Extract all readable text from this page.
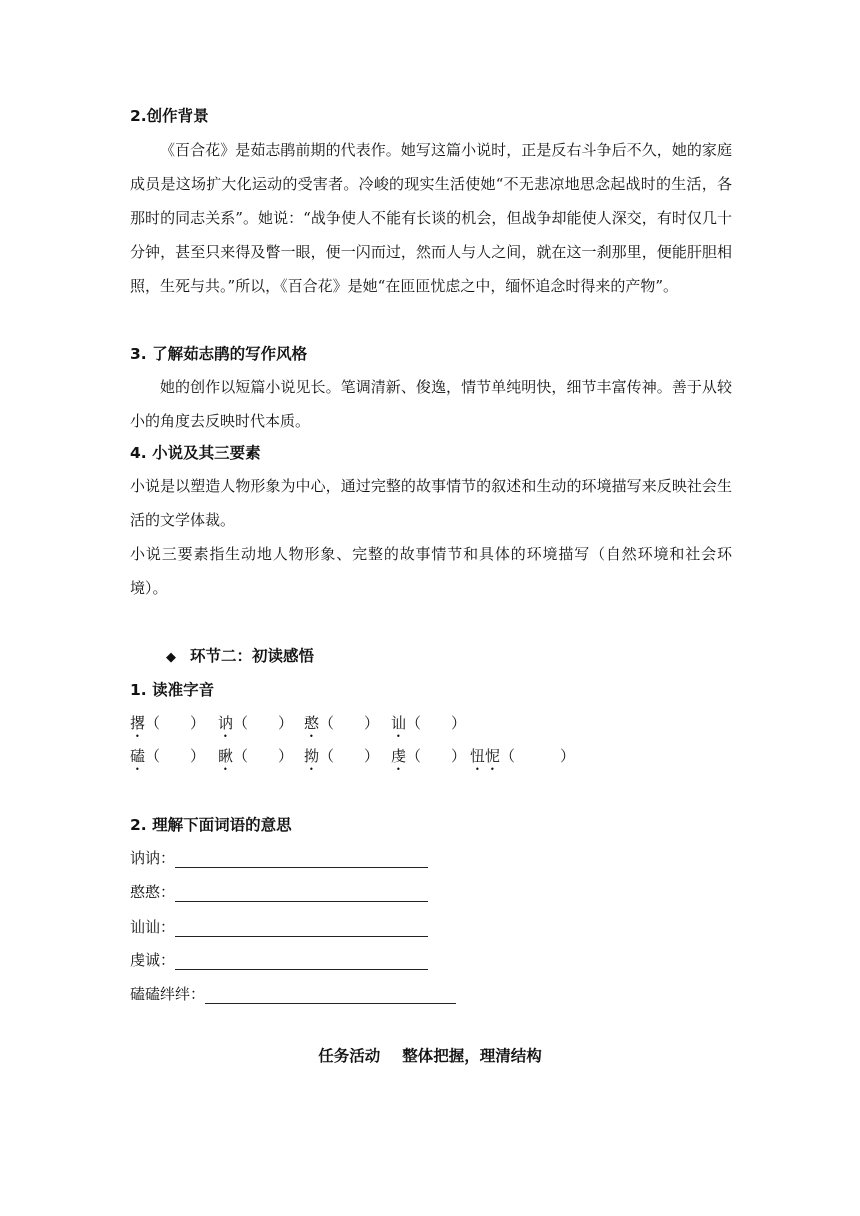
2.创作背景

《百合花》是茹志鹃前期的代表作。她写这篇小说时，正是反右斗争后不久，她的家庭成员是这场扩大化运动的受害者。冷峻的现实生活使她“不无悲凉地思念起战时的生活，各那时的同志关系”。她说：“战争使人不能有长谈的机会，但战争却能使人深交，有时仅几十分钟，甚至只来得及瞥一眼，便一闪而过，然而人与人之间，就在这一刹那里，便能肝胆相照，生死与共。”所以，《百合花》是她“在匝匝忧虑之中，缅怀追念时得来的产物”。

3. 了解茹志鹃的写作风格

她的创作以短篇小说见长。笔调清新、俊逸，情节单纯明快，细节丰富传神。善于从较小的角度去反映时代本质。

4. 小说及其三要素

小说是以塑造人物形象为中心，通过完整的故事情节的叙述和生动的环境描写来反映社会生活的文学体裁。

小说三要素指生动地人物形象、完整的故事情节和具体的环境描写（自然环境和社会环境）。

◆ 环节二：初读感悟
1. 读准字音
撂（　　） 讷（　　） 憨（　　） 讪（　　）
磕（　　） 瞅（　　） 拗（　　） 虔（　　） 忸怩（　　　）
2. 理解下面词语的意思
讷讷：
憨憨：
讪讪：
虔诚：
磕磕绊绊：
任务活动 整体把握，理清结构
